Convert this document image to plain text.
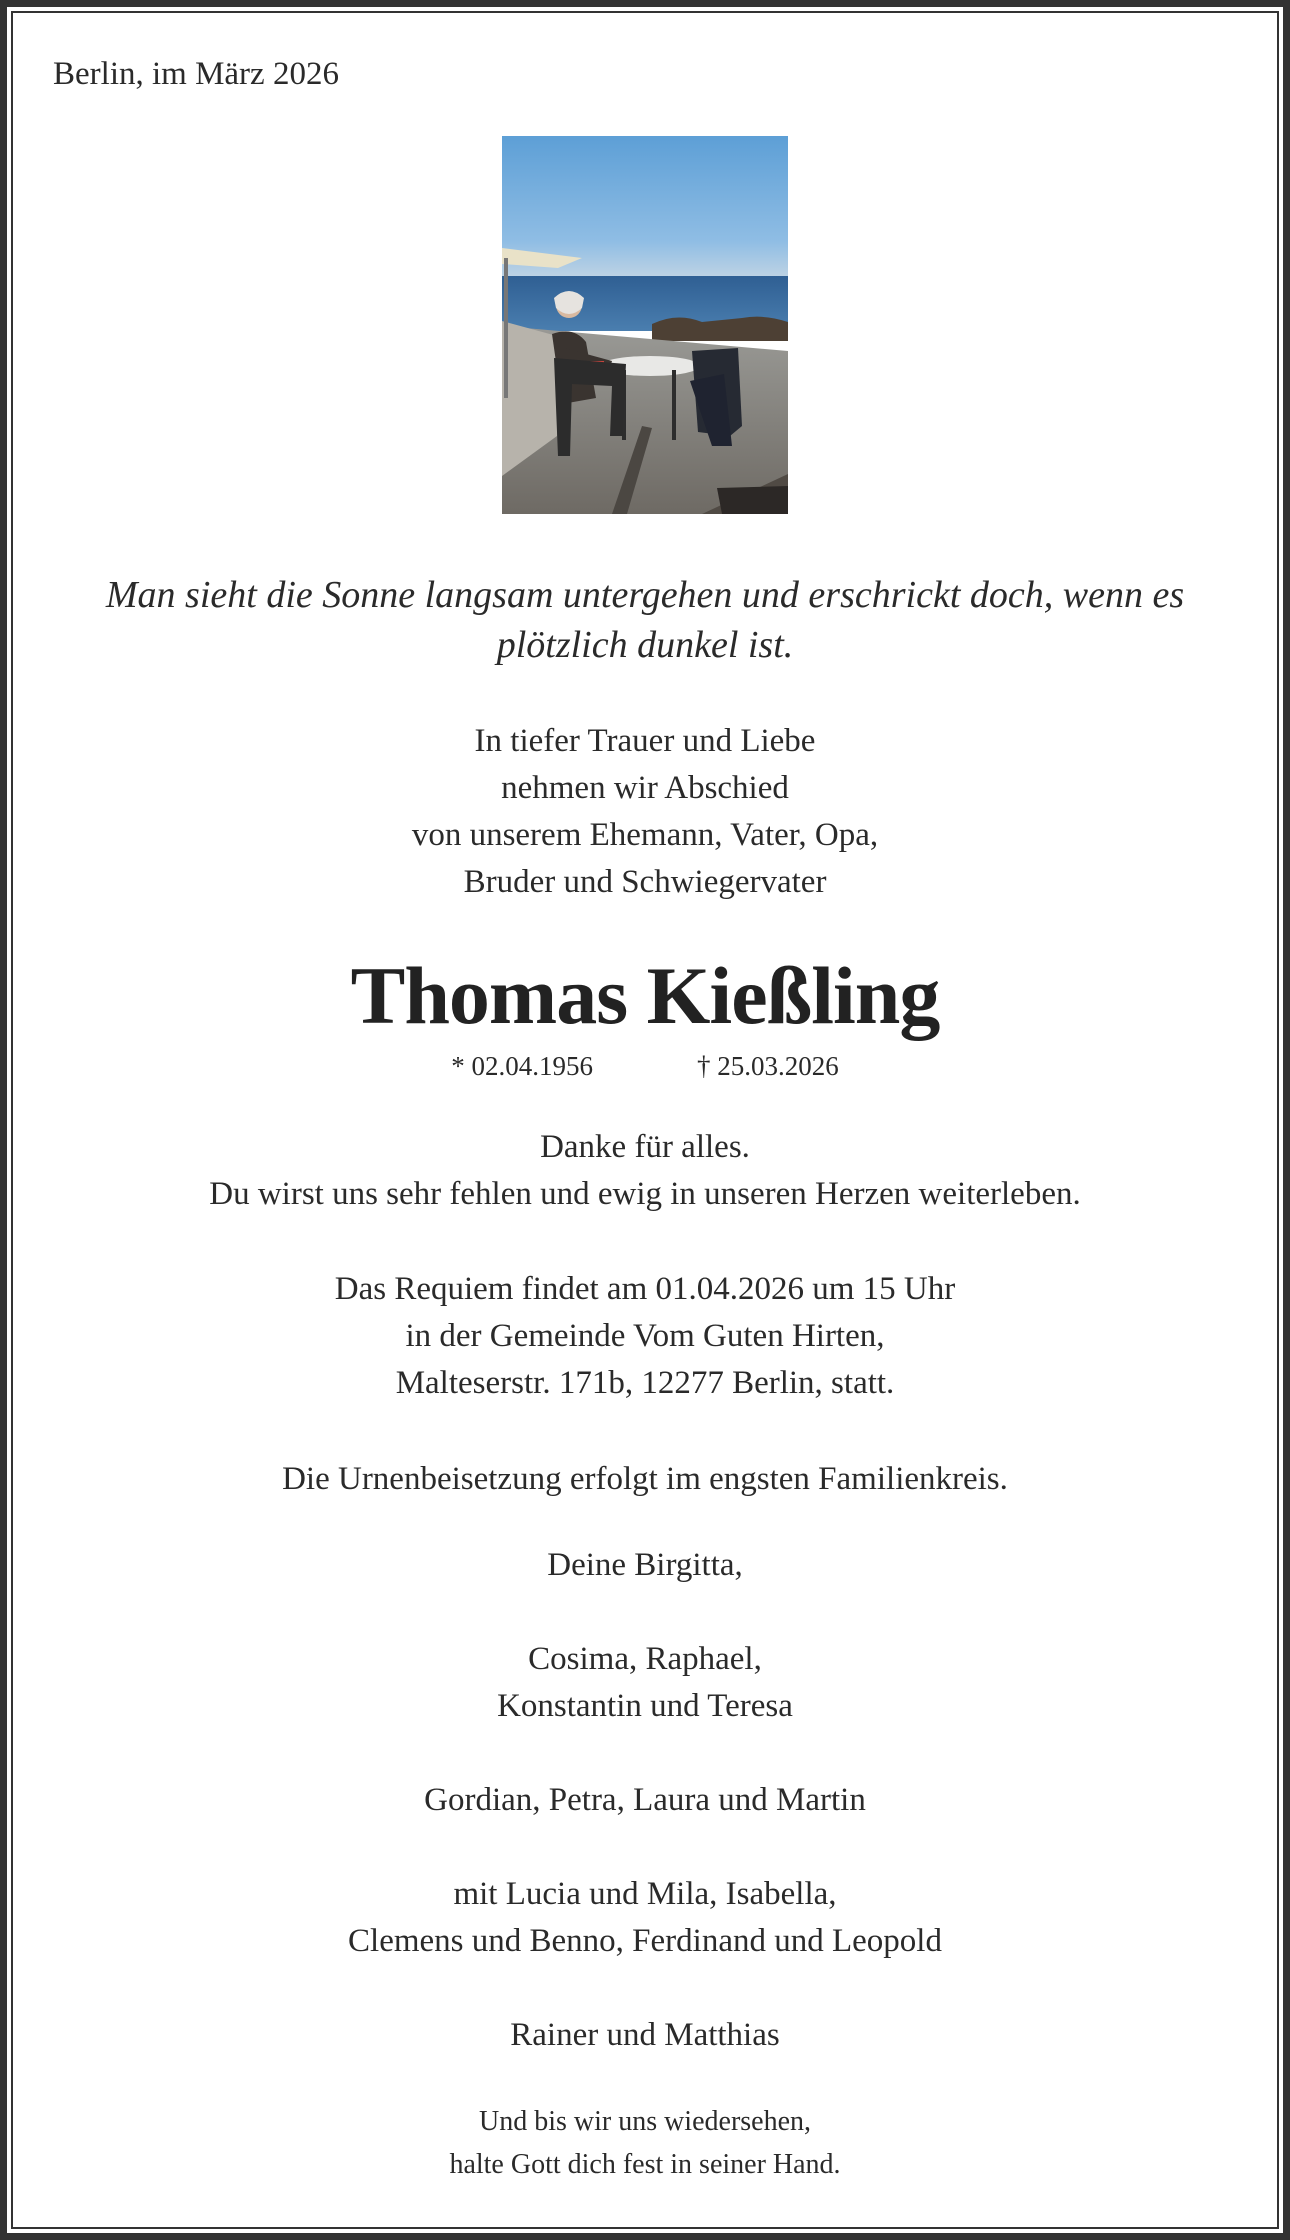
Berlin, im März 2026
Man sieht die Sonne langsam untergehen und erschrickt doch, wenn es
plötzlich dunkel ist.
In tiefer Trauer und Liebe
nehmen wir Abschied
von unserem Ehemann, Vater, Opa,
Bruder und Schwiegervater
Thomas Kießling
* 02.04.1956	† 25.03.2026
Danke für alles.
Du wirst uns sehr fehlen und ewig in unseren Herzen weiterleben.
Das Requiem findet am 01.04.2026 um 15 Uhr
in der Gemeinde Vom Guten Hirten,
Malteserstr. 171b, 12277 Berlin, statt.
Die Urnenbeisetzung erfolgt im engsten Familienkreis.
Deine Birgitta,
Cosima, Raphael,
Konstantin und Teresa
Gordian, Petra, Laura und Martin
mit Lucia und Mila, Isabella,
Clemens und Benno, Ferdinand und Leopold
Rainer und Matthias
Und bis wir uns wiedersehen,
halte Gott dich fest in seiner Hand.
